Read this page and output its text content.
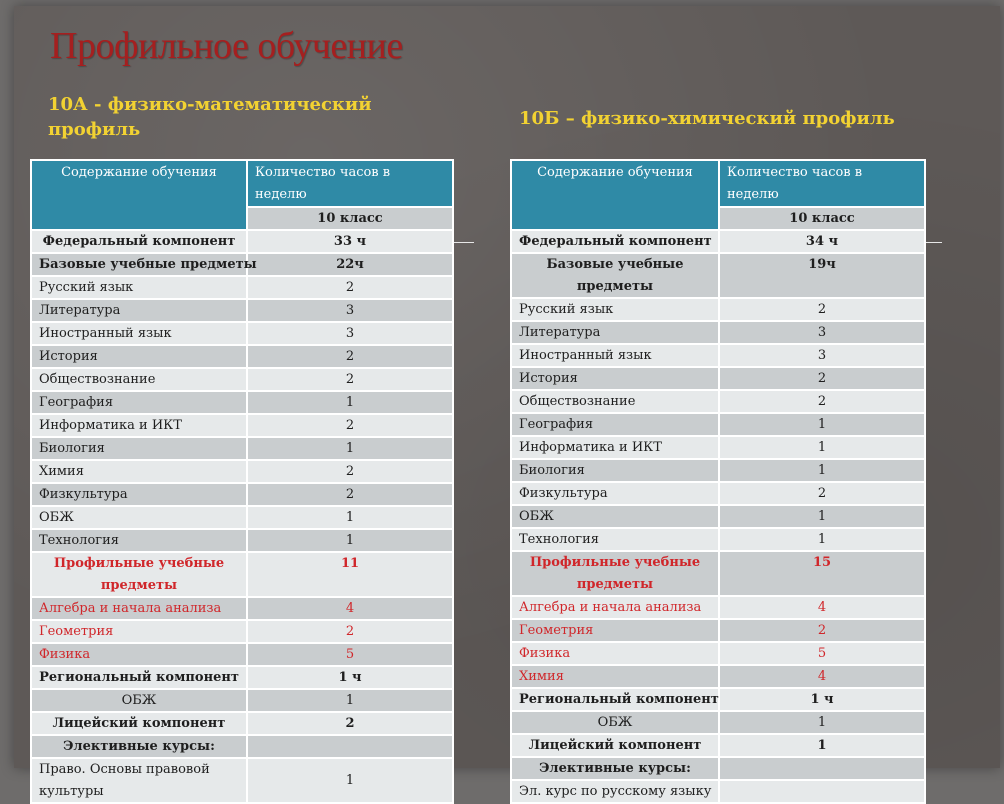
Профильное обучение
10А - физико-математический профиль
10Б – физико-химический профиль
Содержание обучения	Количество часов в неделю
	10 класс
Федеральный компонент	33 ч
Базовые учебные предметы	22ч
Русский язык	2
Литература	3
Иностранный язык	3
История	2
Обществознание	2
География	1
Информатика и ИКТ	2
Биология	1
Химия	2
Физкультура	2
ОБЖ	1
Технология	1
Профильные учебные предметы	11
Алгебра и начала анализа	4
Геометрия	2
Физика	5
Региональный компонент	1 ч
ОБЖ	1
Лицейский компонент	2
Элективные курсы:	
Право. Основы правовой культуры	1
Содержание обучения	Количество часов в неделю
	10 класс
Федеральный компонент	34 ч
Базовые учебные предметы	19ч
Русский язык	2
Литература	3
Иностранный язык	3
История	2
Обществознание	2
География	1
Информатика и ИКТ	1
Биология	1
Физкультура	2
ОБЖ	1
Технология	1
Профильные учебные предметы	15
Алгебра и начала анализа	4
Геометрия	2
Физика	5
Химия	4
Региональный компонент	1 ч
ОБЖ	1
Лицейский компонент	1
Элективные курсы:	
Эл. курс по русскому языку	
